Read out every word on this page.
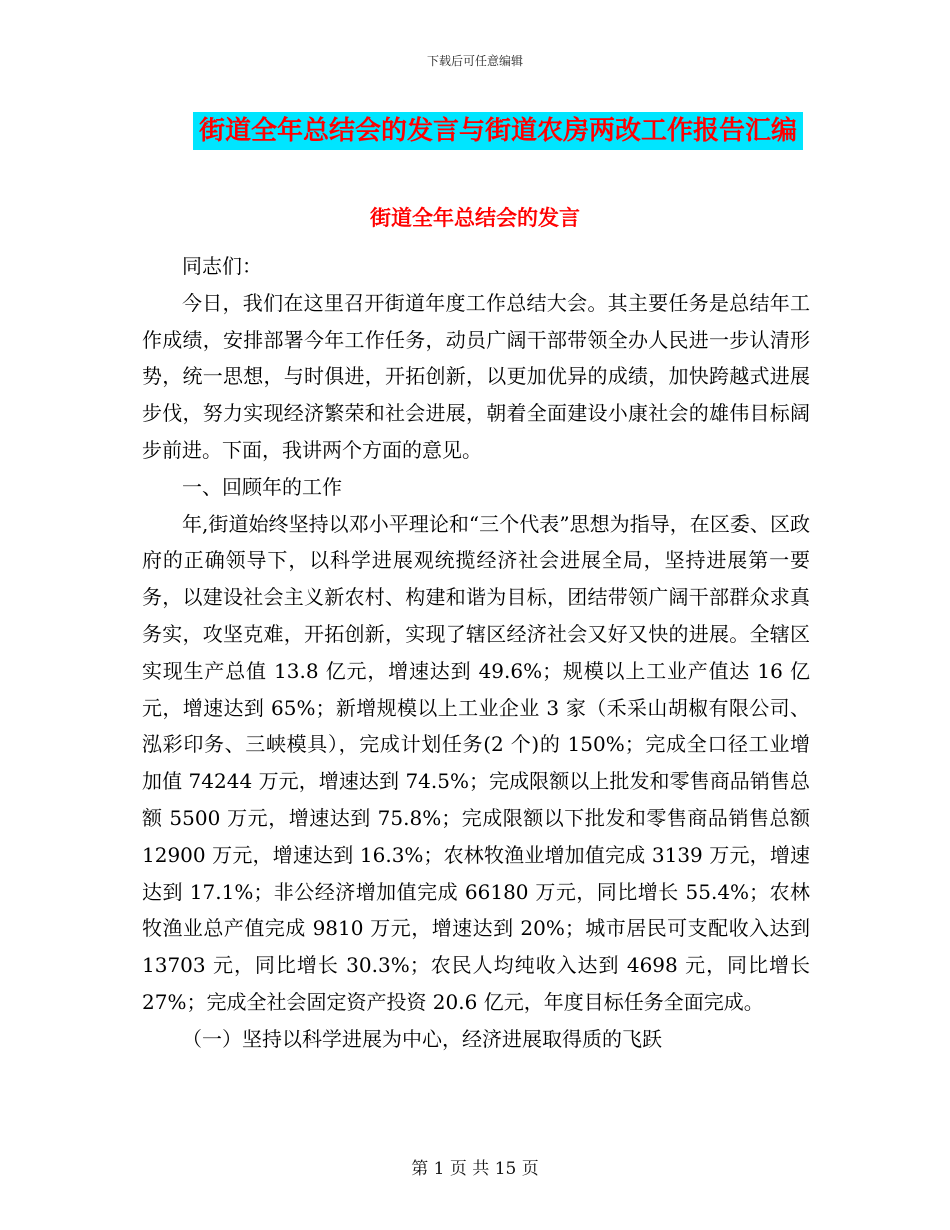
下载后可任意编辑
街道全年总结会的发言与街道农房两改工作报告汇编
街道全年总结会的发言

同志们：

今日，我们在这里召开街道年度工作总结大会。其主要任务是总结年工作成绩，安排部署今年工作任务，动员广阔干部带领全办人民进一步认清形势，统一思想，与时俱进，开拓创新，以更加优异的成绩，加快跨越式进展步伐，努力实现经济繁荣和社会进展，朝着全面建设小康社会的雄伟目标阔步前进。下面，我讲两个方面的意见。

一、回顾年的工作

年,街道始终坚持以邓小平理论和“三个代表”思想为指导，在区委、区政府的正确领导下，以科学进展观统揽经济社会进展全局，坚持进展第一要务，以建设社会主义新农村、构建和谐为目标，团结带领广阔干部群众求真务实，攻坚克难，开拓创新，实现了辖区经济社会又好又快的进展。全辖区实现生产总值 13.8 亿元，增速达到 49.6%；规模以上工业产值达 16 亿元，增速达到 65%；新增规模以上工业企业 3 家（禾采山胡椒有限公司、泓彩印务、三峡模具），完成计划任务(2 个)的 150%；完成全口径工业增加值 74244 万元，增速达到 74.5%；完成限额以上批发和零售商品销售总额 5500 万元，增速达到 75.8%；完成限额以下批发和零售商品销售总额 12900 万元，增速达到 16.3%；农林牧渔业增加值完成 3139 万元，增速达到 17.1%；非公经济增加值完成 66180 万元，同比增长 55.4%；农林牧渔业总产值完成 9810 万元，增速达到 20%；城市居民可支配收入达到 13703 元，同比增长 30.3%；农民人均纯收入达到 4698 元，同比增长 27%；完成全社会固定资产投资 20.6 亿元，年度目标任务全面完成。

（一）坚持以科学进展为中心，经济进展取得质的飞跃

第 1 页 共 15 页
